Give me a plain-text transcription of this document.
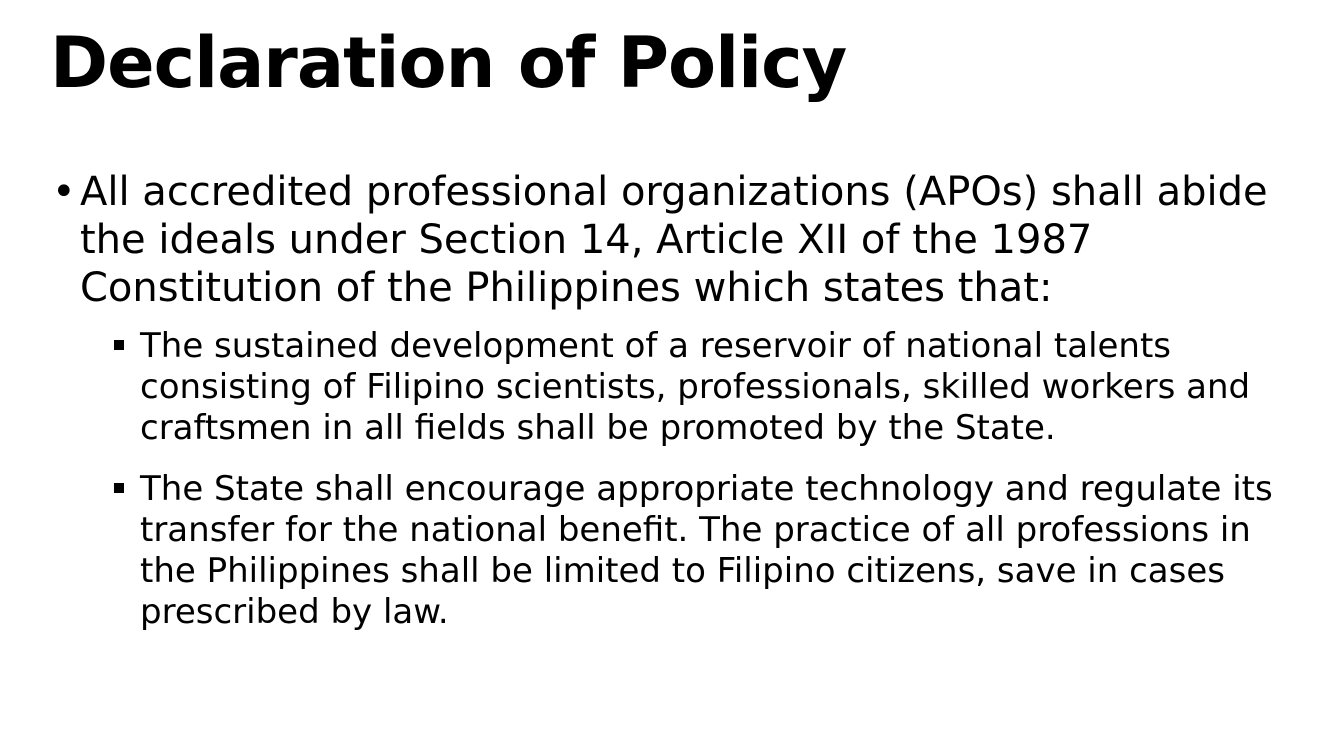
Declaration of Policy
• All accredited professional organizations (APOs) shall abide the ideals under Section 14, Article XII of the 1987 Constitution of the Philippines which states that:
The sustained development of a reservoir of national talents consisting of Filipino scientists, professionals, skilled workers and craftsmen in all fields shall be promoted by the State.
The State shall encourage appropriate technology and regulate its transfer for the national benefit. The practice of all professions in the Philippines shall be limited to Filipino citizens, save in cases prescribed by law.
